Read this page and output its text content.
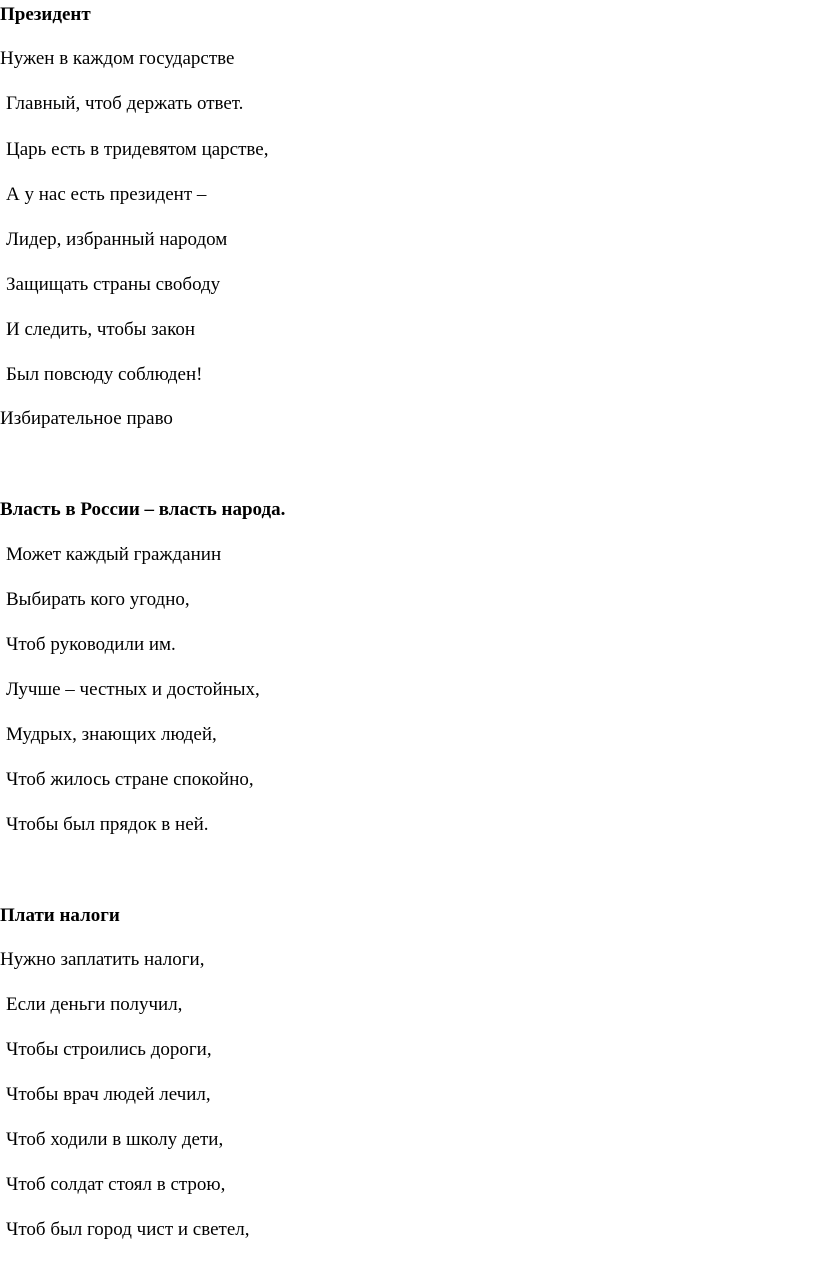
Президент
Нужен в каждом государстве
Главный, чтоб держать ответ.
Царь есть в тридевятом царстве,
А у нас есть президент –
Лидер, избранный народом
Защищать страны свободу
И следить, чтобы закон
Был повсюду соблюден!
Избирательное право
Власть в России – власть народа.
Может каждый гражданин
Выбирать кого угодно,
Чтоб руководили им.
Лучше – честных и достойных,
Мудрых, знающих людей,
Чтоб жилось стране спокойно,
Чтобы был прядок в ней.
Плати налоги
Нужно заплатить налоги,
Если деньги получил,
Чтобы строились дороги,
Чтобы врач людей лечил,
Чтоб ходили в школу дети,
Чтоб солдат стоял в строю,
Чтоб был город чист и светел,
